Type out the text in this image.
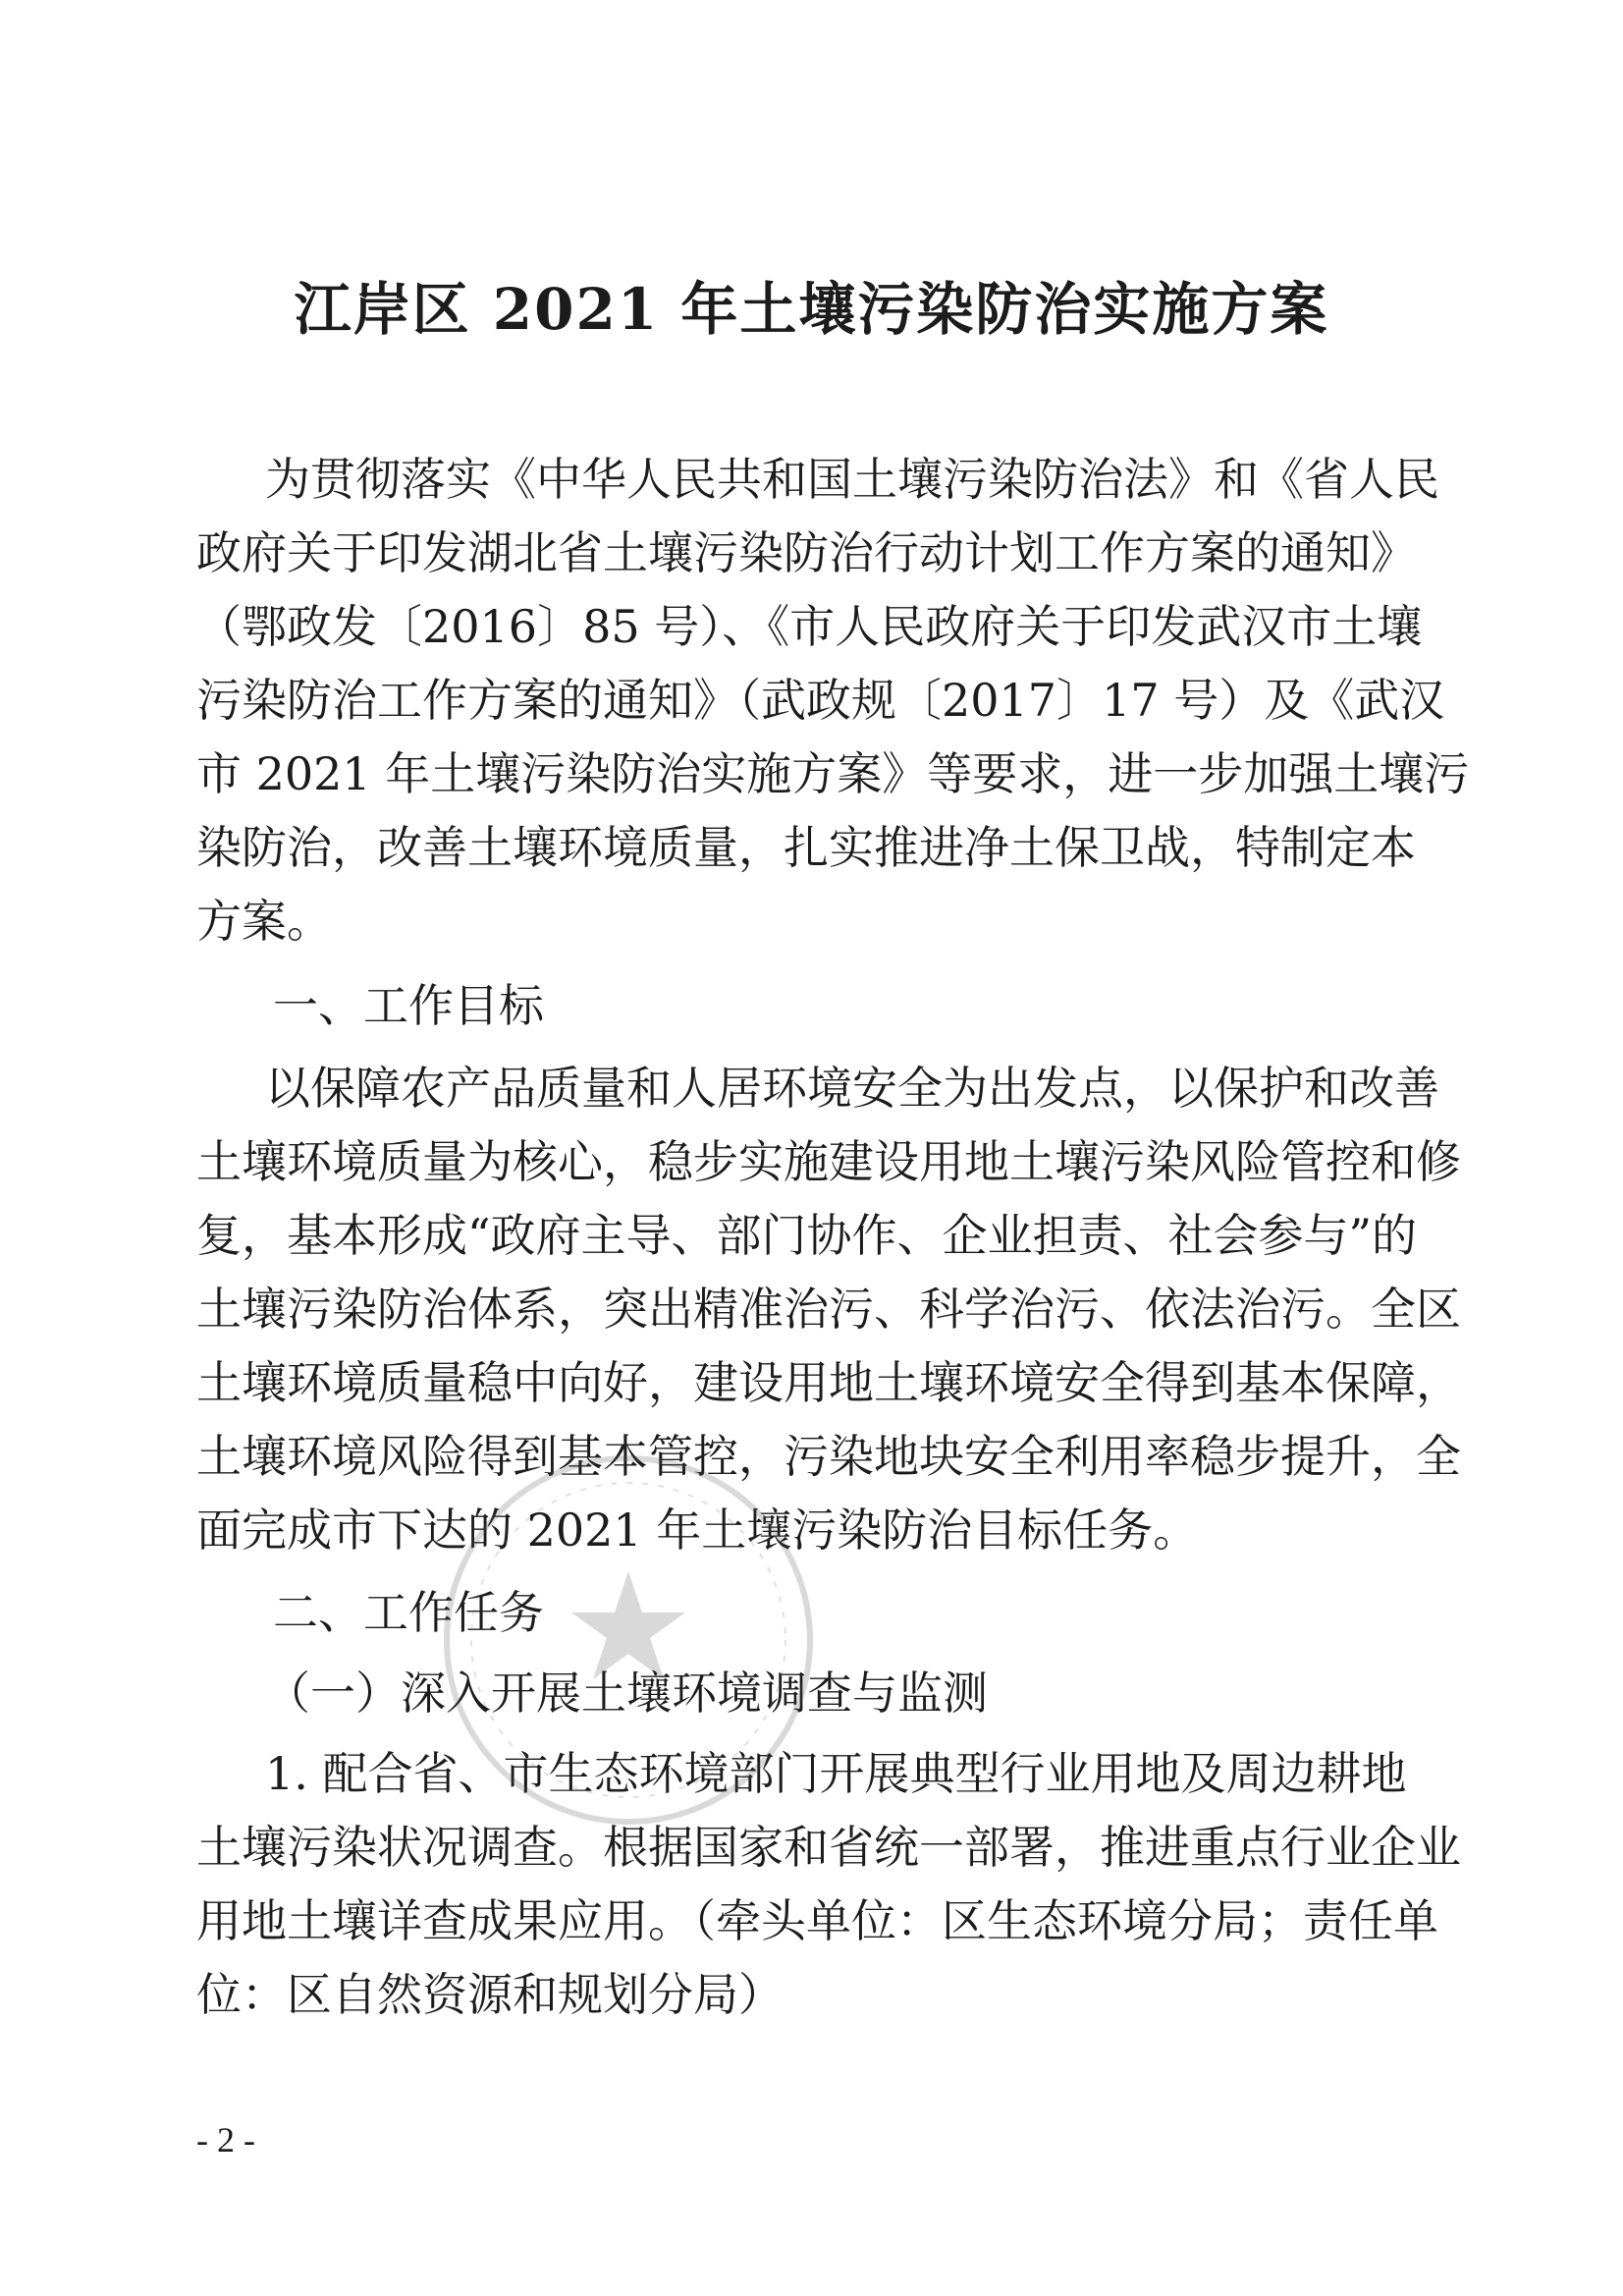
江岸区 2021 年土壤污染防治实施方案

为贯彻落实《中华人民共和国土壤污染防治法》和《省人民

政府关于印发湖北省土壤污染防治行动计划工作方案的通知》

（鄂政发〔2016〕85 号）、《市人民政府关于印发武汉市土壤

污染防治工作方案的通知》（武政规〔2017〕17 号）及《武汉

市 2021 年土壤污染防治实施方案》等要求，进一步加强土壤污

染防治，改善土壤环境质量，扎实推进净土保卫战，特制定本

方案。

一、工作目标

以保障农产品质量和人居环境安全为出发点，以保护和改善

土壤环境质量为核心，稳步实施建设用地土壤污染风险管控和修

复，基本形成“政府主导、部门协作、企业担责、社会参与”的

土壤污染防治体系，突出精准治污、科学治污、依法治污。全区

土壤环境质量稳中向好，建设用地土壤环境安全得到基本保障，

土壤环境风险得到基本管控，污染地块安全利用率稳步提升，全

面完成市下达的 2021 年土壤污染防治目标任务。

二、工作任务

（一）深入开展土壤环境调查与监测

1. 配合省、市生态环境部门开展典型行业用地及周边耕地

土壤污染状况调查。根据国家和省统一部署，推进重点行业企业

用地土壤详查成果应用。（牵头单位：区生态环境分局；责任单

位：区自然资源和规划分局）

- 2 -
